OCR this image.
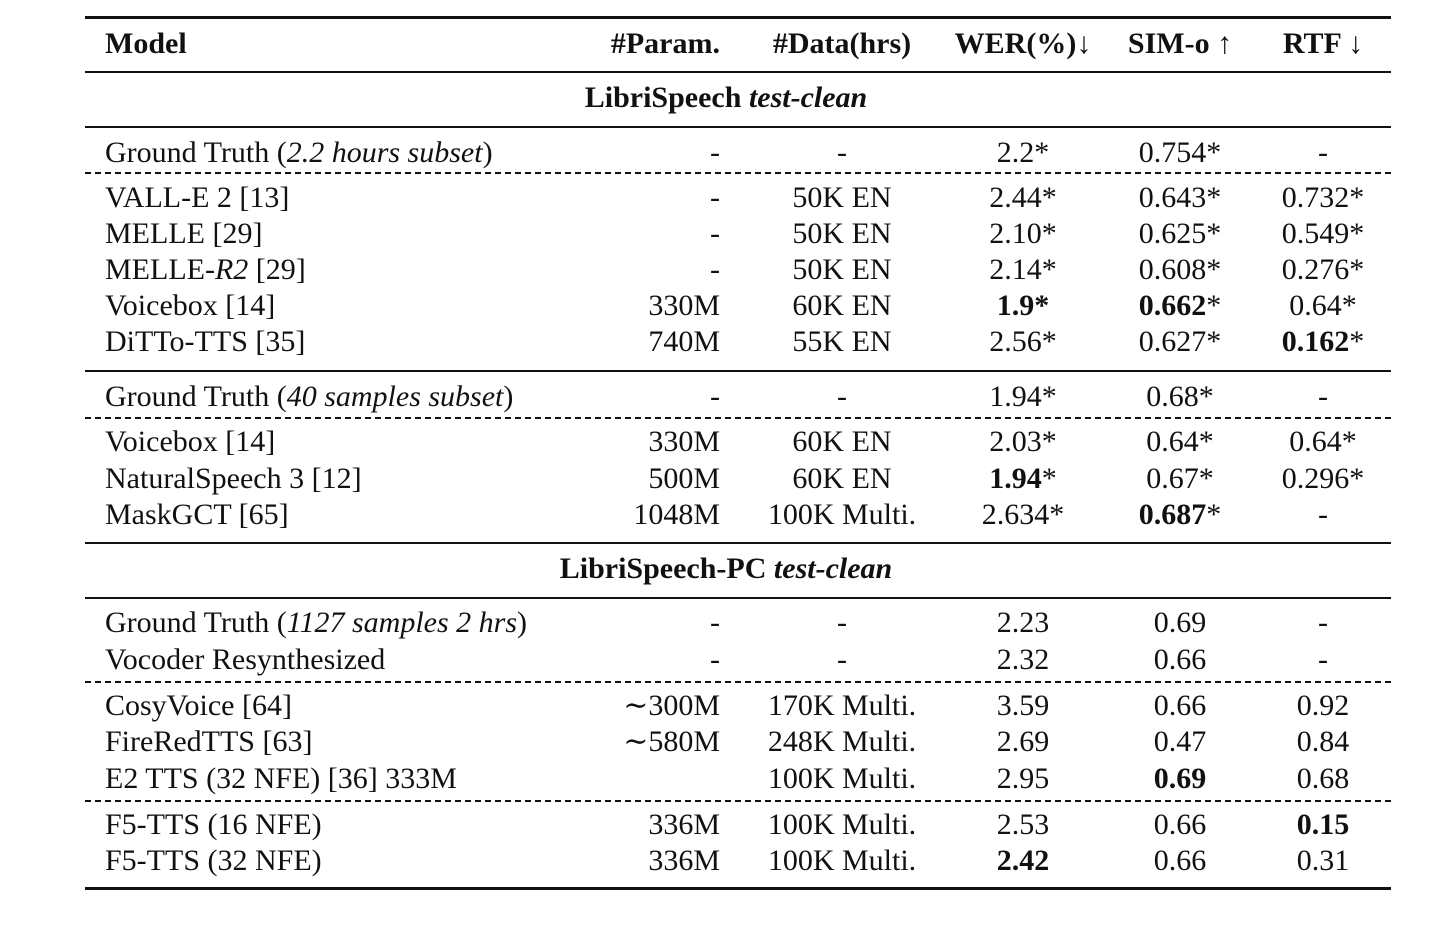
Model	#Param. #Data(hrs) WER(%)↓ SIM-o ↑ RTF ↓
LibriSpeech test-clean
Ground Truth (2.2 hours subset)	-	-	2.2*	0.754*	-
VALL-E 2 [13]	- 50K EN	2.44*	0.643* 0.732*
MELLE [29]	- 50K EN	2.10*	0.625* 0.549*
MELLE-R2 [29]	- 50K EN	2.14*	0.608* 0.276*
Voicebox [14]	330M 60K EN	1.9*	0.662* 0.64*
DiTTo-TTS [35]	740M 55K EN	2.56*	0.627* 0.162*
Ground Truth (40 samples subset)	-	-	1.94*	0.68*	-
Voicebox [14]	330M 60K EN	2.03*	0.64*	0.64*
NaturalSpeech 3 [12]	500M 60K EN	1.94*	0.67* 0.296*
MaskGCT [65]	1048M 100K Multi. 2.634* 0.687*	-
LibriSpeech-PC test-clean
Ground Truth (1127 samples 2 hrs)	-	-	2.23	0.69	-
Vocoder Resynthesized	-	-	2.32	0.66	-
CosyVoice [64]	∼300M 170K Multi.	3.59	0.66	0.92
FireRedTTS [63]	∼580M 248K Multi.	2.69	0.47	0.84
E2 TTS (32 NFE) [36] 333M	100K Multi.	2.95	0.69	0.68
F5-TTS (16 NFE)	336M 100K Multi.	2.53	0.66	0.15
F5-TTS (32 NFE)	336M 100K Multi.	2.42	0.66	0.31
